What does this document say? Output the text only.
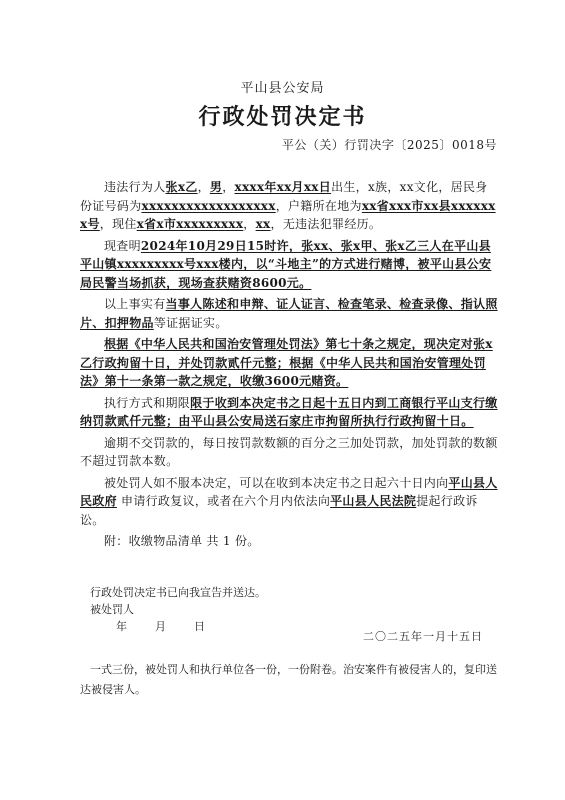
平山县公安局
行政处罚决定书
平公（关）行罚决字〔2025〕0018号

违法行为人张x乙，男，xxxx年xx月xx日出生，x族，xx文化，居民身份证号码为xxxxxxxxxxxxxxxxxx，户籍所在地为xx省xxx市xx县xxxxxxx号，现住x省x市xxxxxxxxx，xx，无违法犯罪经历。

现查明2024年10月29日15时许，张xx、张x甲、张x乙三人在平山县平山镇xxxxxxxxx号xxx楼内，以“斗地主”的方式进行赌博，被平山县公安局民警当场抓获，现场查获赌资8600元。

以上事实有当事人陈述和申辩、证人证言、检查笔录、检查录像、指认照片、扣押物品等证据证实。

根据《中华人民共和国治安管理处罚法》第七十条之规定，现决定对张x乙行政拘留十日，并处罚款贰仟元整；根据《中华人民共和国治安管理处罚法》第十一条第一款之规定，收缴3600元赌资。

执行方式和期限限于收到本决定书之日起十五日内到工商银行平山支行缴纳罚款贰仟元整；由平山县公安局送石家庄市拘留所执行行政拘留十日。

逾期不交罚款的，每日按罚款数额的百分之三加处罚款，加处罚款的数额不超过罚款本数。

被处罚人如不服本决定，可以在收到本决定书之日起六十日内向平山县人民政府 申请行政复议，或者在六个月内依法向平山县人民法院提起行政诉讼。

附：收缴物品清单 共 1 份。

行政处罚决定书已向我宣告并送达。
被处罚人
年	月	日
二〇二五年一月十五日
一式三份，被处罚人和执行单位各一份，一份附卷。治安案件有被侵害人的，复印送达被侵害人。
